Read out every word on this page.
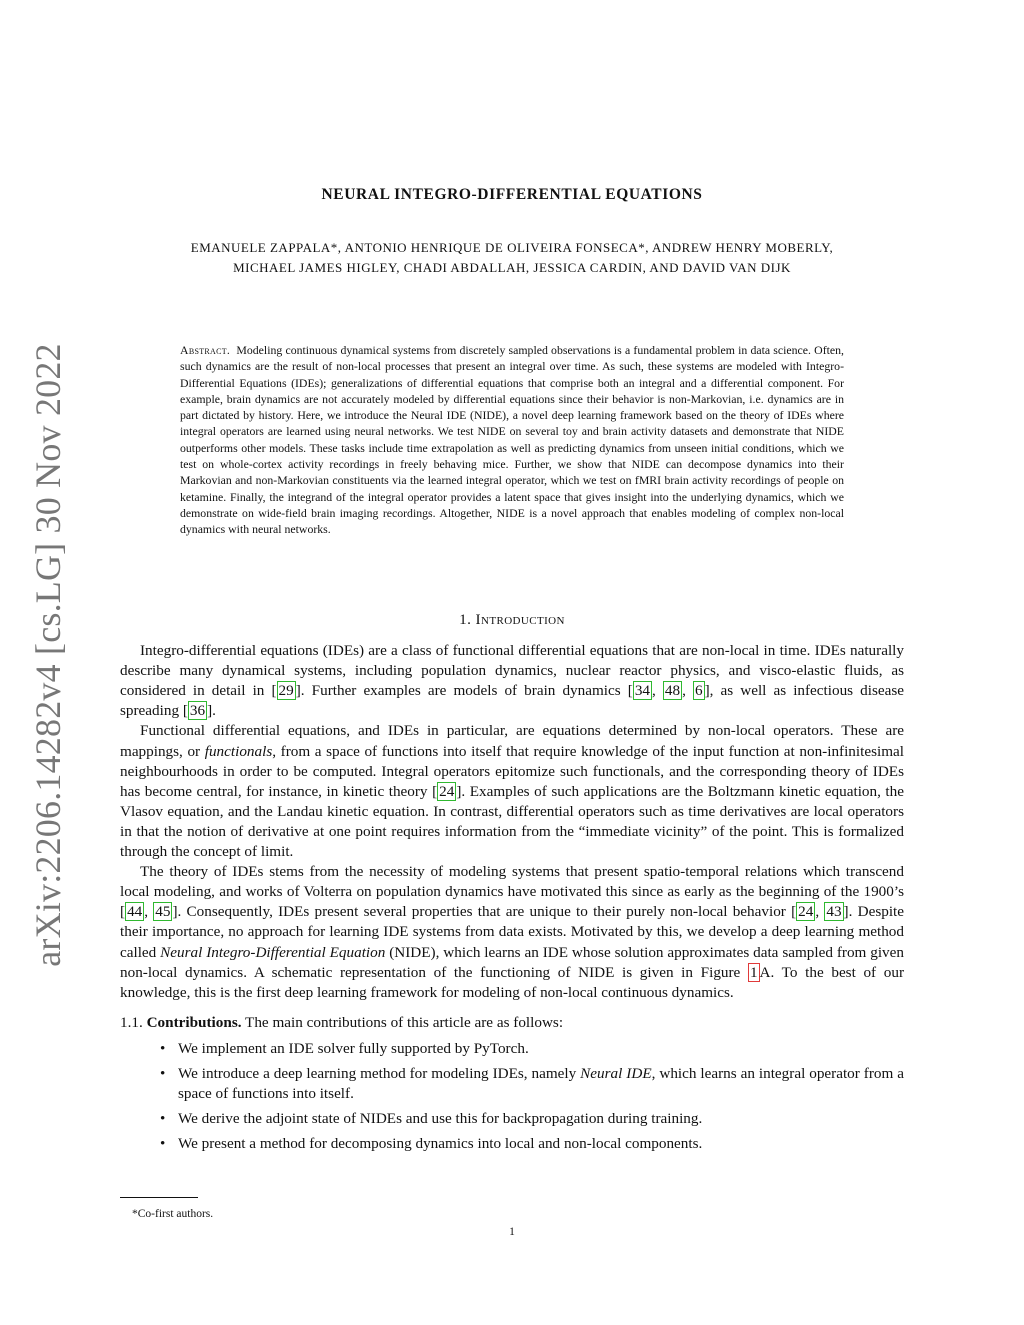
arXiv:2206.14282v4 [cs.LG] 30 Nov 2022
NEURAL INTEGRO-DIFFERENTIAL EQUATIONS
EMANUELE ZAPPALA*, ANTONIO HENRIQUE DE OLIVEIRA FONSECA*, ANDREW HENRY MOBERLY,
MICHAEL JAMES HIGLEY, CHADI ABDALLAH, JESSICA CARDIN, AND DAVID VAN DIJK
Abstract. Modeling continuous dynamical systems from discretely sampled observations is a fundamental problem in data science. Often, such dynamics are the result of non-local processes that present an integral over time. As such, these systems are modeled with Integro-Differential Equations (IDEs); generalizations of differential equations that comprise both an integral and a differential component. For example, brain dynamics are not accurately modeled by differential equations since their behavior is non-Markovian, i.e. dynamics are in part dictated by history. Here, we introduce the Neural IDE (NIDE), a novel deep learning framework based on the theory of IDEs where integral operators are learned using neural networks. We test NIDE on several toy and brain activity datasets and demonstrate that NIDE outperforms other models. These tasks include time extrapolation as well as predicting dynamics from unseen initial conditions, which we test on whole-cortex activity recordings in freely behaving mice. Further, we show that NIDE can decompose dynamics into their Markovian and non-Markovian constituents via the learned integral operator, which we test on fMRI brain activity recordings of people on ketamine. Finally, the integrand of the integral operator provides a latent space that gives insight into the underlying dynamics, which we demonstrate on wide-field brain imaging recordings. Altogether, NIDE is a novel approach that enables modeling of complex non-local dynamics with neural networks.
1. Introduction

Integro-differential equations (IDEs) are a class of functional differential equations that are non-local in time. IDEs naturally describe many dynamical systems, including population dynamics, nuclear reactor physics, and visco-elastic fluids, as considered in detail in [ 29 ]. Further examples are models of brain dynamics [ 34 , 48 , 6 ], as well as infectious disease spreading [ 36 ].

Functional differential equations, and IDEs in particular, are equations determined by non-local operators. These are mappings, or functionals, from a space of functions into itself that require knowledge of the input function at non-infinitesimal neighbourhoods in order to be computed. Integral operators epitomize such functionals, and the corresponding theory of IDEs has become central, for instance, in kinetic theory [ 24 ]. Examples of such applications are the Boltzmann kinetic equation, the Vlasov equation, and the Landau kinetic equation. In contrast, differential operators such as time derivatives are local operators in that the notion of derivative at one point requires information from the “immediate vicinity” of the point. This is formalized through the concept of limit.

The theory of IDEs stems from the necessity of modeling systems that present spatio-temporal relations which transcend local modeling, and works of Volterra on population dynamics have motivated this since as early as the beginning of the 1900’s [ 44 , 45 ]. Consequently, IDEs present several properties that are unique to their purely non-local behavior [ 24 , 43 ]. Despite their importance, no approach for learning IDE systems from data exists. Motivated by this, we develop a deep learning method called Neural Integro-Differential Equation (NIDE), which learns an IDE whose solution approximates data sampled from given non-local dynamics. A schematic representation of the functioning of NIDE is given in Figure 1 A. To the best of our knowledge, this is the first deep learning framework for modeling of non-local continuous dynamics.

1.1. Contributions. The main contributions of this article are as follows:
• We implement an IDE solver fully supported by PyTorch.
• We introduce a deep learning method for modeling IDEs, namely Neural IDE, which learns an integral operator from a space of functions into itself.
• We derive the adjoint state of NIDEs and use this for backpropagation during training.
• We present a method for decomposing dynamics into local and non-local components.
*Co-first authors.
1
